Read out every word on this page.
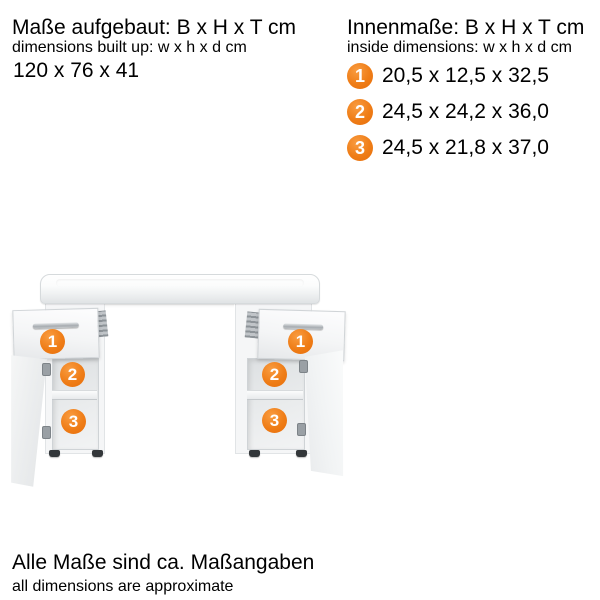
Maße aufgebaut: B x H x T cm
dimensions built up: w x h x d cm
120 x 76 x 41
Innenmaße: B x H x T cm
inside dimensions: w x h x d cm
1 20,5 x 12,5 x 32,5
2 24,5 x 24,2 x 36,0
3 24,5 x 21,8 x 37,0
1
2
3
1
2
3
Alle Maße sind ca. Maßangaben
all dimensions are approximate
